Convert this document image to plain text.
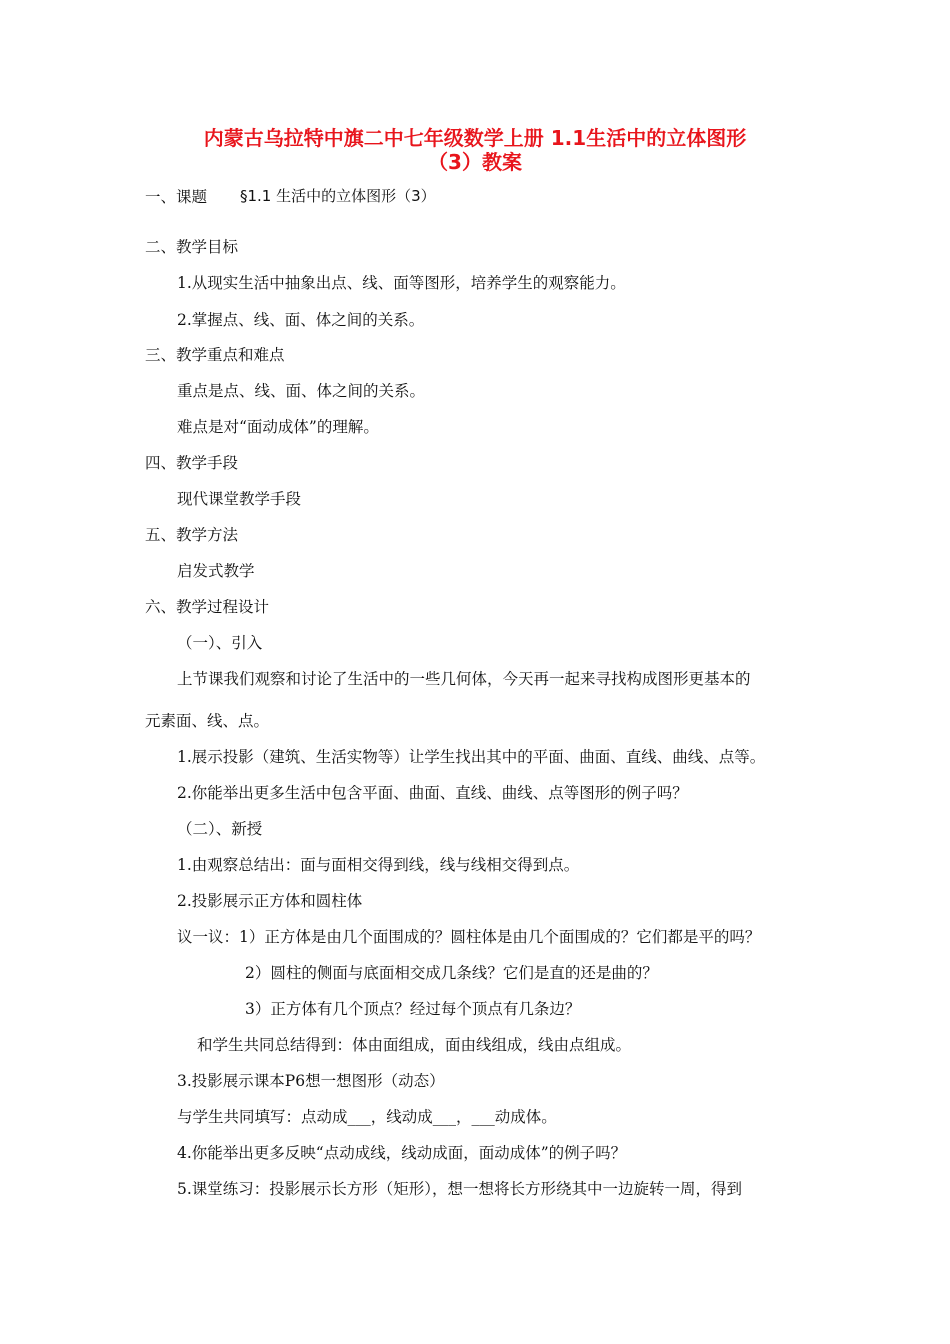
内蒙古乌拉特中旗二中七年级数学上册 1.1生活中的立体图形
（3）教案
一、课题 §1.1 生活中的立体图形（3）
二、教学目标
1.从现实生活中抽象出点、线、面等图形，培养学生的观察能力。
2.掌握点、线、面、体之间的关系。
三、教学重点和难点
重点是点、线、面、体之间的关系。
难点是对“面动成体”的理解。
四、教学手段
现代课堂教学手段
五、教学方法
启发式教学
六、教学过程设计
（一）、引入
上节课我们观察和讨论了生活中的一些几何体，今天再一起来寻找构成图形更基本的
元素面、线、点。
1.展示投影（建筑、生活实物等）让学生找出其中的平面、曲面、直线、曲线、点等。
2.你能举出更多生活中包含平面、曲面、直线、曲线、点等图形的例子吗？
（二）、新授
1.由观察总结出：面与面相交得到线，线与线相交得到点。
2.投影展示正方体和圆柱体
议一议：1）正方体是由几个面围成的？圆柱体是由几个面围成的？它们都是平的吗？
2）圆柱的侧面与底面相交成几条线？它们是直的还是曲的？
3）正方体有几个顶点？经过每个顶点有几条边？
和学生共同总结得到：体由面组成，面由线组成，线由点组成。
3.投影展示课本P6想一想图形（动态）
与学生共同填写：点动成___，线动成___，___动成体。
4.你能举出更多反映“点动成线，线动成面，面动成体”的例子吗？
5.课堂练习：投影展示长方形（矩形），想一想将长方形绕其中一边旋转一周，得到
